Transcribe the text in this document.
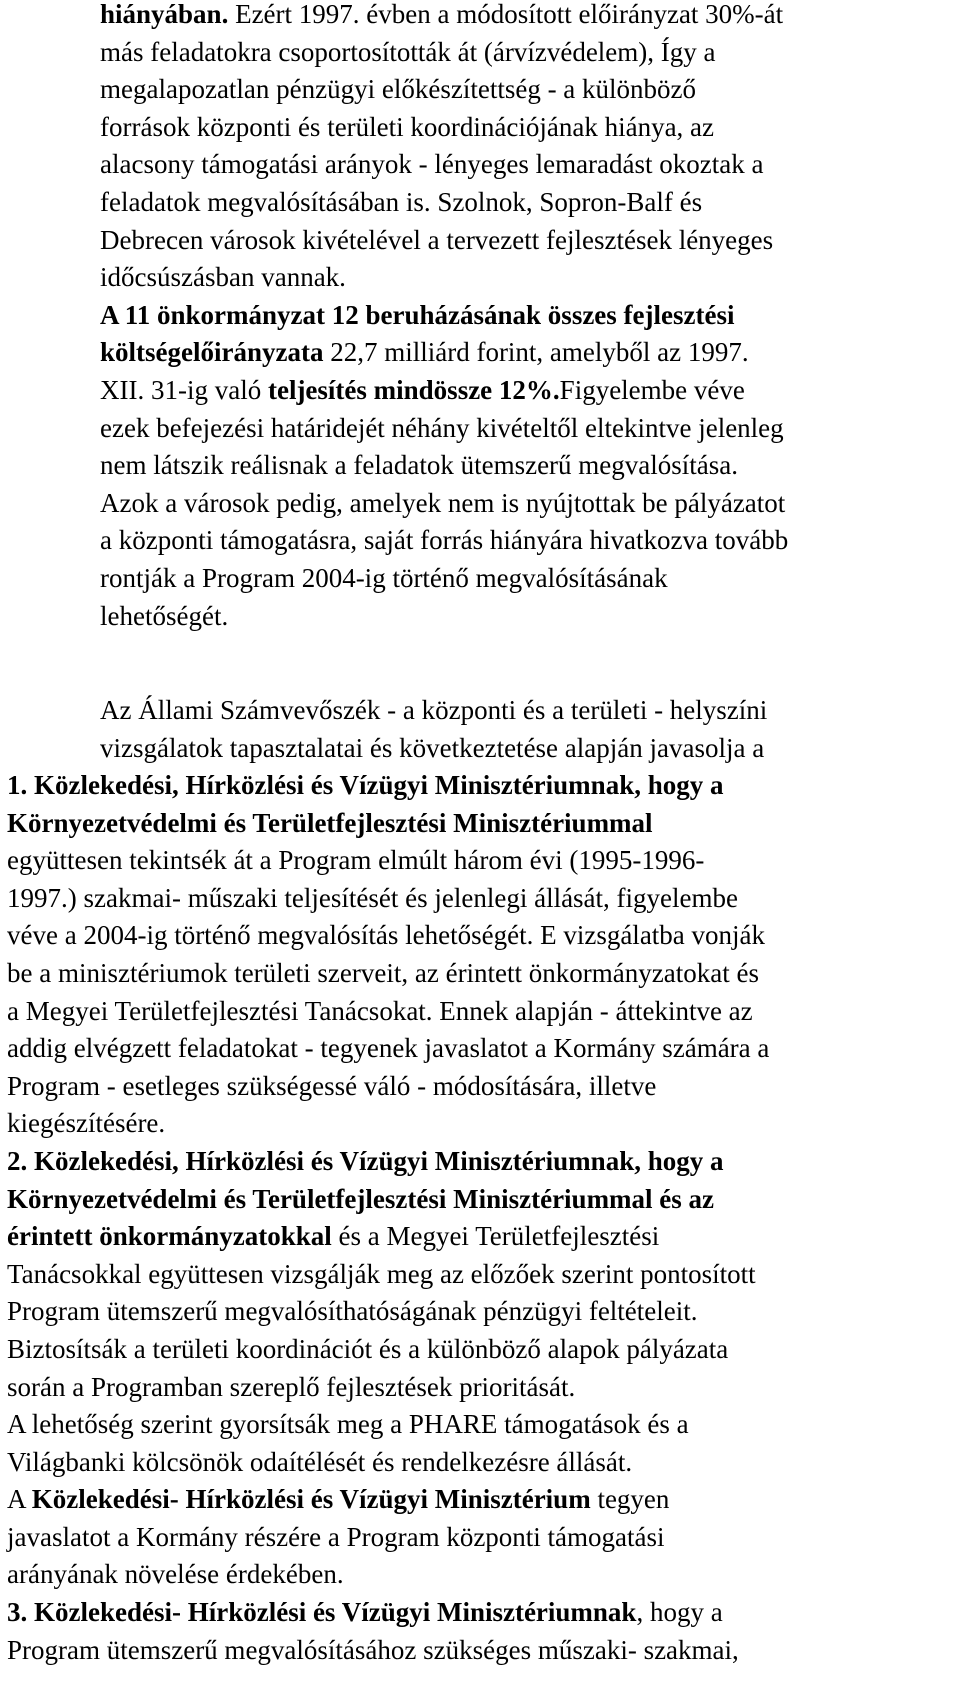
hiányában. Ezért 1997. évben a módosított előirányzat 30%-át
más feladatokra csoportosították át (árvízvédelem), Így a
megalapozatlan pénzügyi előkészítettség - a különböző
források központi és területi koordinációjának hiánya, az
alacsony támogatási arányok - lényeges lemaradást okoztak a
feladatok megvalósításában is. Szolnok, Sopron-Balf és
Debrecen városok kivételével a tervezett fejlesztések lényeges
időcsúszásban vannak.
A 11 önkormányzat 12 beruházásának összes fejlesztési
költségelőirányzata 22,7 milliárd forint, amelyből az 1997.
XII. 31-ig való teljesítés mindössze 12%.Figyelembe véve
ezek befejezési határidejét néhány kivételtől eltekintve jelenleg
nem látszik reálisnak a feladatok ütemszerű megvalósítása.
Azok a városok pedig, amelyek nem is nyújtottak be pályázatot
a központi támogatásra, saját forrás hiányára hivatkozva tovább
rontják a Program 2004-ig történő megvalósításának
lehetőségét.
Az Állami Számvevőszék - a központi és a területi - helyszíni
vizsgálatok tapasztalatai és következtetése alapján javasolja a
1. Közlekedési, Hírközlési és Vízügyi Minisztériumnak, hogy a
Környezetvédelmi és Területfejlesztési Minisztériummal
együttesen tekintsék át a Program elmúlt három évi (1995-1996-
1997.) szakmai- műszaki teljesítését és jelenlegi állását, figyelembe
véve a 2004-ig történő megvalósítás lehetőségét. E vizsgálatba vonják
be a minisztériumok területi szerveit, az érintett önkormányzatokat és
a Megyei Területfejlesztési Tanácsokat. Ennek alapján - áttekintve az
addig elvégzett feladatokat - tegyenek javaslatot a Kormány számára a
Program - esetleges szükségessé váló - módosítására, illetve
kiegészítésére.
2. Közlekedési, Hírközlési és Vízügyi Minisztériumnak, hogy a
Környezetvédelmi és Területfejlesztési Minisztériummal és az
érintett önkormányzatokkal és a Megyei Területfejlesztési
Tanácsokkal együttesen vizsgálják meg az előzőek szerint pontosított
Program ütemszerű megvalósíthatóságának pénzügyi feltételeit.
Biztosítsák a területi koordinációt és a különböző alapok pályázata
során a Programban szereplő fejlesztések prioritását.
A lehetőség szerint gyorsítsák meg a PHARE támogatások és a
Világbanki kölcsönök odaítélését és rendelkezésre állását.
A Közlekedési- Hírközlési és Vízügyi Minisztérium tegyen
javaslatot a Kormány részére a Program központi támogatási
arányának növelése érdekében.
3. Közlekedési- Hírközlési és Vízügyi Minisztériumnak, hogy a
Program ütemszerű megvalósításához szükséges műszaki- szakmai,
